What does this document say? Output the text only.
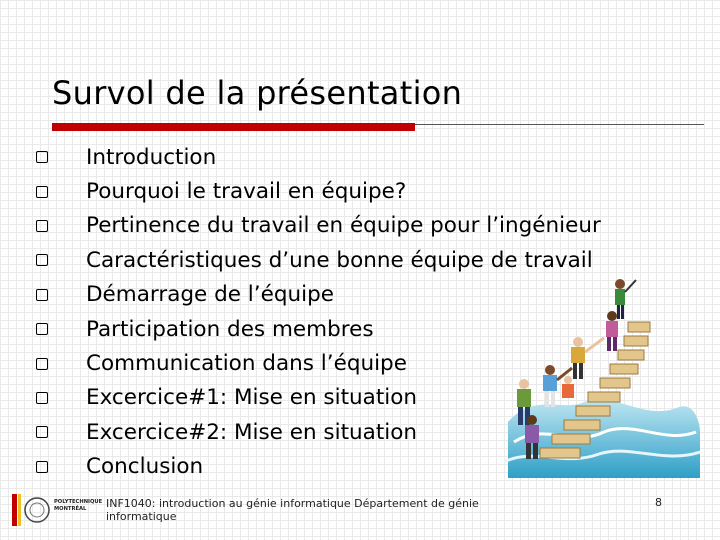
Survol de la présentation
Introduction
Pourquoi le travail en équipe?
Pertinence du travail en équipe pour l’ingénieur
Caractéristiques d’une bonne équipe de travail
Démarrage de l’équipe
Participation des membres
Communication dans l’équipe
Excercice#1: Mise en situation
Excercice#2: Mise en situation
Conclusion
POLYTECHNIQUE
MONTRÉAL INF1040: introduction au génie informatique Département de génie informatique
8
